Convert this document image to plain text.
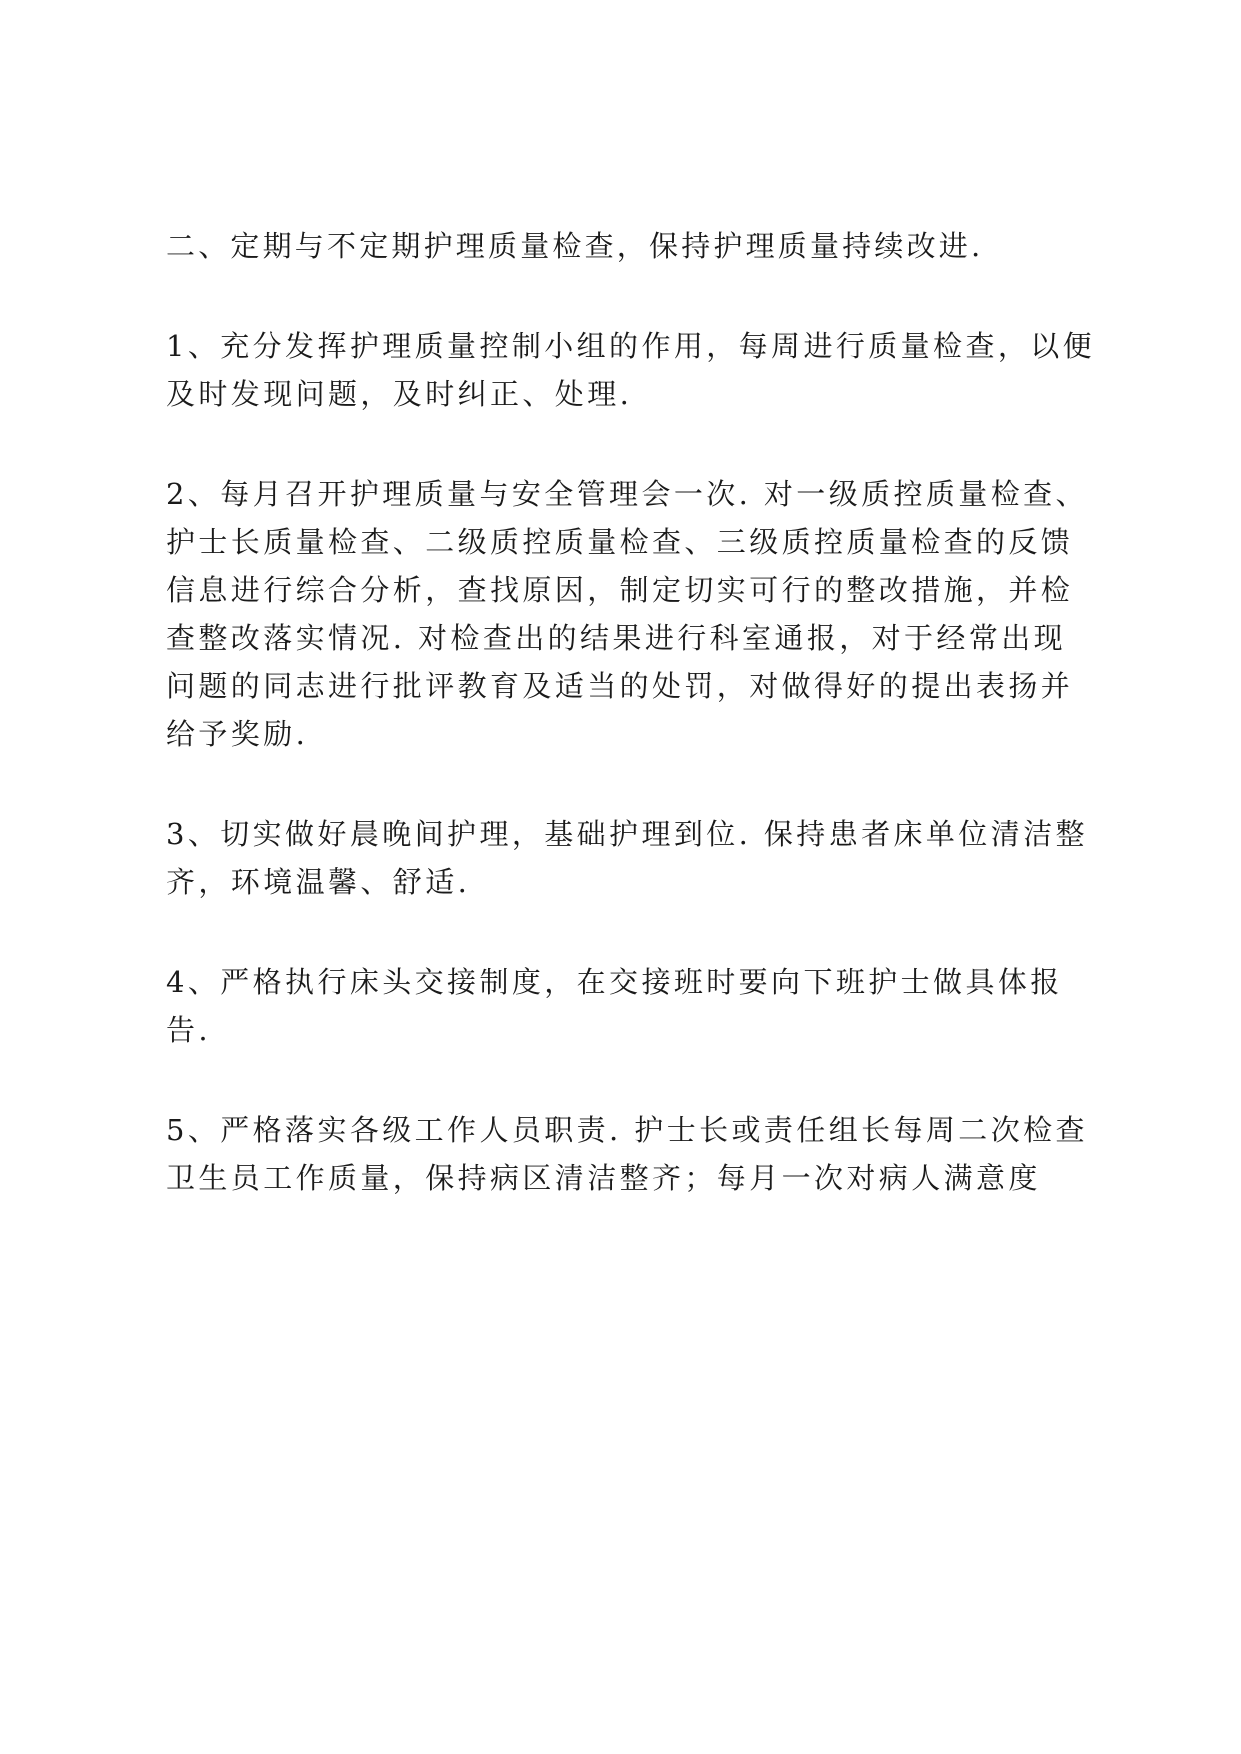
二、定期与不定期护理质量检查，保持护理质量持续改进.

1、充分发挥护理质量控制小组的作用，每周进行质量检查，以便及时发现问题，及时纠正、处理.

2、每月召开护理质量与安全管理会一次. 对一级质控质量检查、护士长质量检查、二级质控质量检查、三级质控质量检查的反馈信息进行综合分析，查找原因，制定切实可行的整改措施，并检查整改落实情况. 对检查出的结果进行科室通报，对于经常出现问题的同志进行批评教育及适当的处罚，对做得好的提出表扬并给予奖励.

3、切实做好晨晚间护理，基础护理到位. 保持患者床单位清洁整齐，环境温馨、舒适.

4、严格执行床头交接制度，在交接班时要向下班护士做具体报告.

5、严格落实各级工作人员职责. 护士长或责任组长每周二次检查卫生员工作质量，保持病区清洁整齐；每月一次对病人满意度
